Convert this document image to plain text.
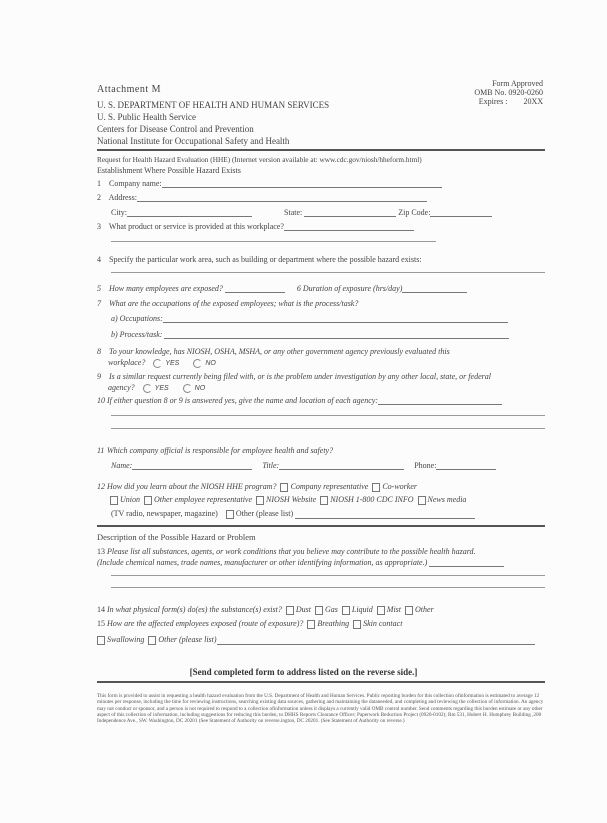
Attachment M
U. S. DEPARTMENT OF HEALTH AND HUMAN SERVICES
U. S. Public Health Service
Centers for Disease Control and Prevention
National Institute for Occupational Safety and Health
Form Approved
OMB No. 0920-0260
Expires :        20XX
Request for Health Hazard Evaluation (HHE) (Internet version available at: www.cdc.gov/niosh/hheform.html)
Establishment Where Possible Hazard Exists
1 Company name:
2 Address:
City:	State:	Zip Code:
3 What product or service is provided at this workplace?
4 Specify the particular work area, such as building or department where the possible hazard exists:
5 How many employees are exposed?	6 Duration of exposure (hrs/day)
7 What are the occupations of the exposed employees; what is the process/task?
a) Occupations:
b) Process/task:
8 To your knowledge, has NIOSH, OSHA, MSHA, or any other government agency previously evaluated this
workplace?	YES	NO
9 Is a similar request currently being filed with, or is the problem under investigation by any other local, state, or federal
agency?	YES	NO
10 If either question 8 or 9 is answered yes, give the name and location of each agency:
11 Which company official is responsible for employee health and safety?
Name:	Title:	Phone:
12 How did you learn about the NIOSH HHE program? Company representative Co-worker
Union Other employee representative NIOSH Website NIOSH 1-800 CDC INFO News media
(TV radio, newspaper, magazine) Other (please list)
Description of the Possible Hazard or Problem
13 Please list all substances, agents, or work conditions that you believe may contribute to the possible health hazard.
(Include chemical names, trade names, manufacturer or other identifying information, as appropriate.)
14 In what physical form(s) do(es) the substance(s) exist? Dust Gas Liquid Mist Other
15 How are the affected employees exposed (route of exposure)? Breathing Skin contact
Swallowing Other (please list)
[Send completed form to address listed on the reverse side.]
This form is provided to assist in requesting a health hazard evaluation from the U.S. Department of Health and Human Services. Public reporting burden for this collection ofinformation is estimated to average 12 minutes per response, including the time for reviewing instructions, searching existing data sources, gathering and maintaining the dataneeded, and completing and reviewing the collection of information. An agency may not conduct or sponsor, and a person is not required to respond to a collection ofinformation unless it displays a currently valid OMB control number. Send comments regarding this burden estimate or any other aspect of this collection of information, including suggestions for reducing this burden, to DHHS Reports Clearance Officer; Paperwork Reduction Project (0920-0102); Rm 531, Hubert H. Humphrey Building ,200 Independence Ave., SW. Washington, DC 20201 (See Statement of Authority on reverse.ington, DC 20201. (See Statement of Authority on reverse.)
